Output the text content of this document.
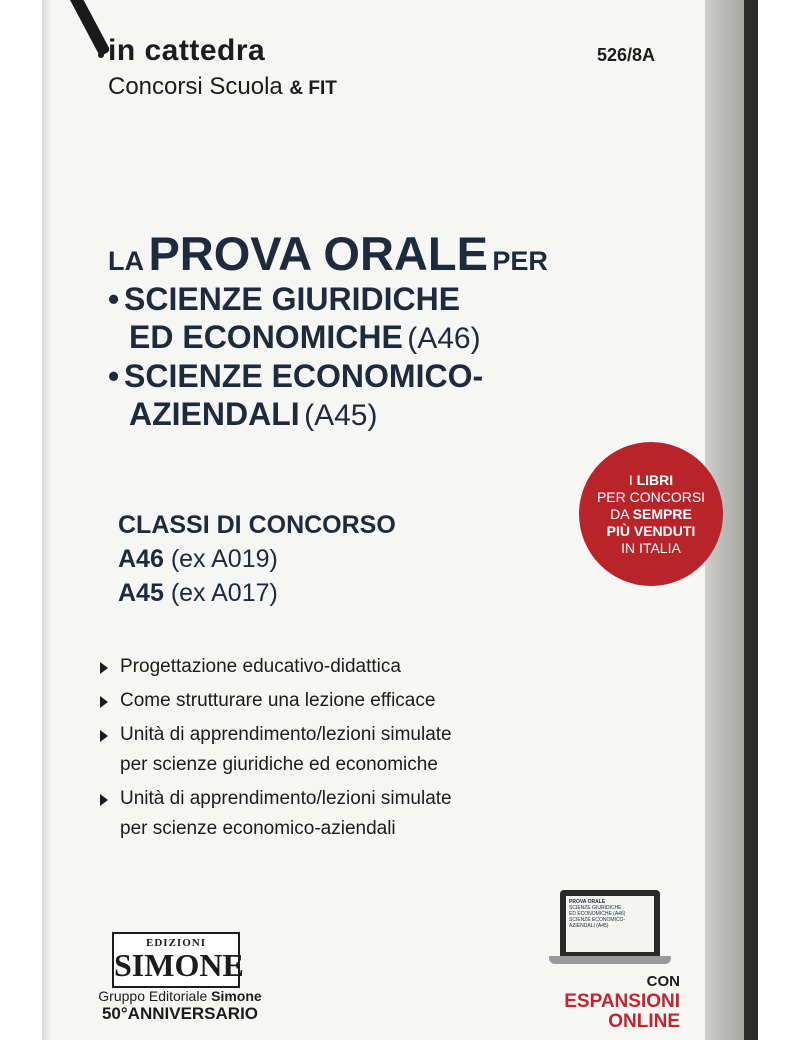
in cattedra
Concorsi Scuola & FIT
526/8A
LA PROVA ORALE PER
• SCIENZE GIURIDICHE
ED ECONOMICHE (A46)
• SCIENZE ECONOMICO-
AZIENDALI (A45)
CLASSI DI CONCORSO
A46 (ex A019)
A45 (ex A017)
I LIBRI
PER CONCORSI
DA SEMPRE
PIÙ VENDUTI
IN ITALIA
Progettazione educativo-didattica
Come strutturare una lezione efficace
Unità di apprendimento/lezioni simulate
per scienze giuridiche ed economiche
Unità di apprendimento/lezioni simulate
per scienze economico-aziendali
EDIZIONI
SIMONE
Gruppo Editoriale Simone
50°ANNIVERSARIO
PROVA ORALE
SCIENZE GIURIDICHE
ED ECONOMICHE (A46)
SCIENZE ECONOMICO-
AZIENDALI (A45)
CON ESPANSIONI
ONLINE
